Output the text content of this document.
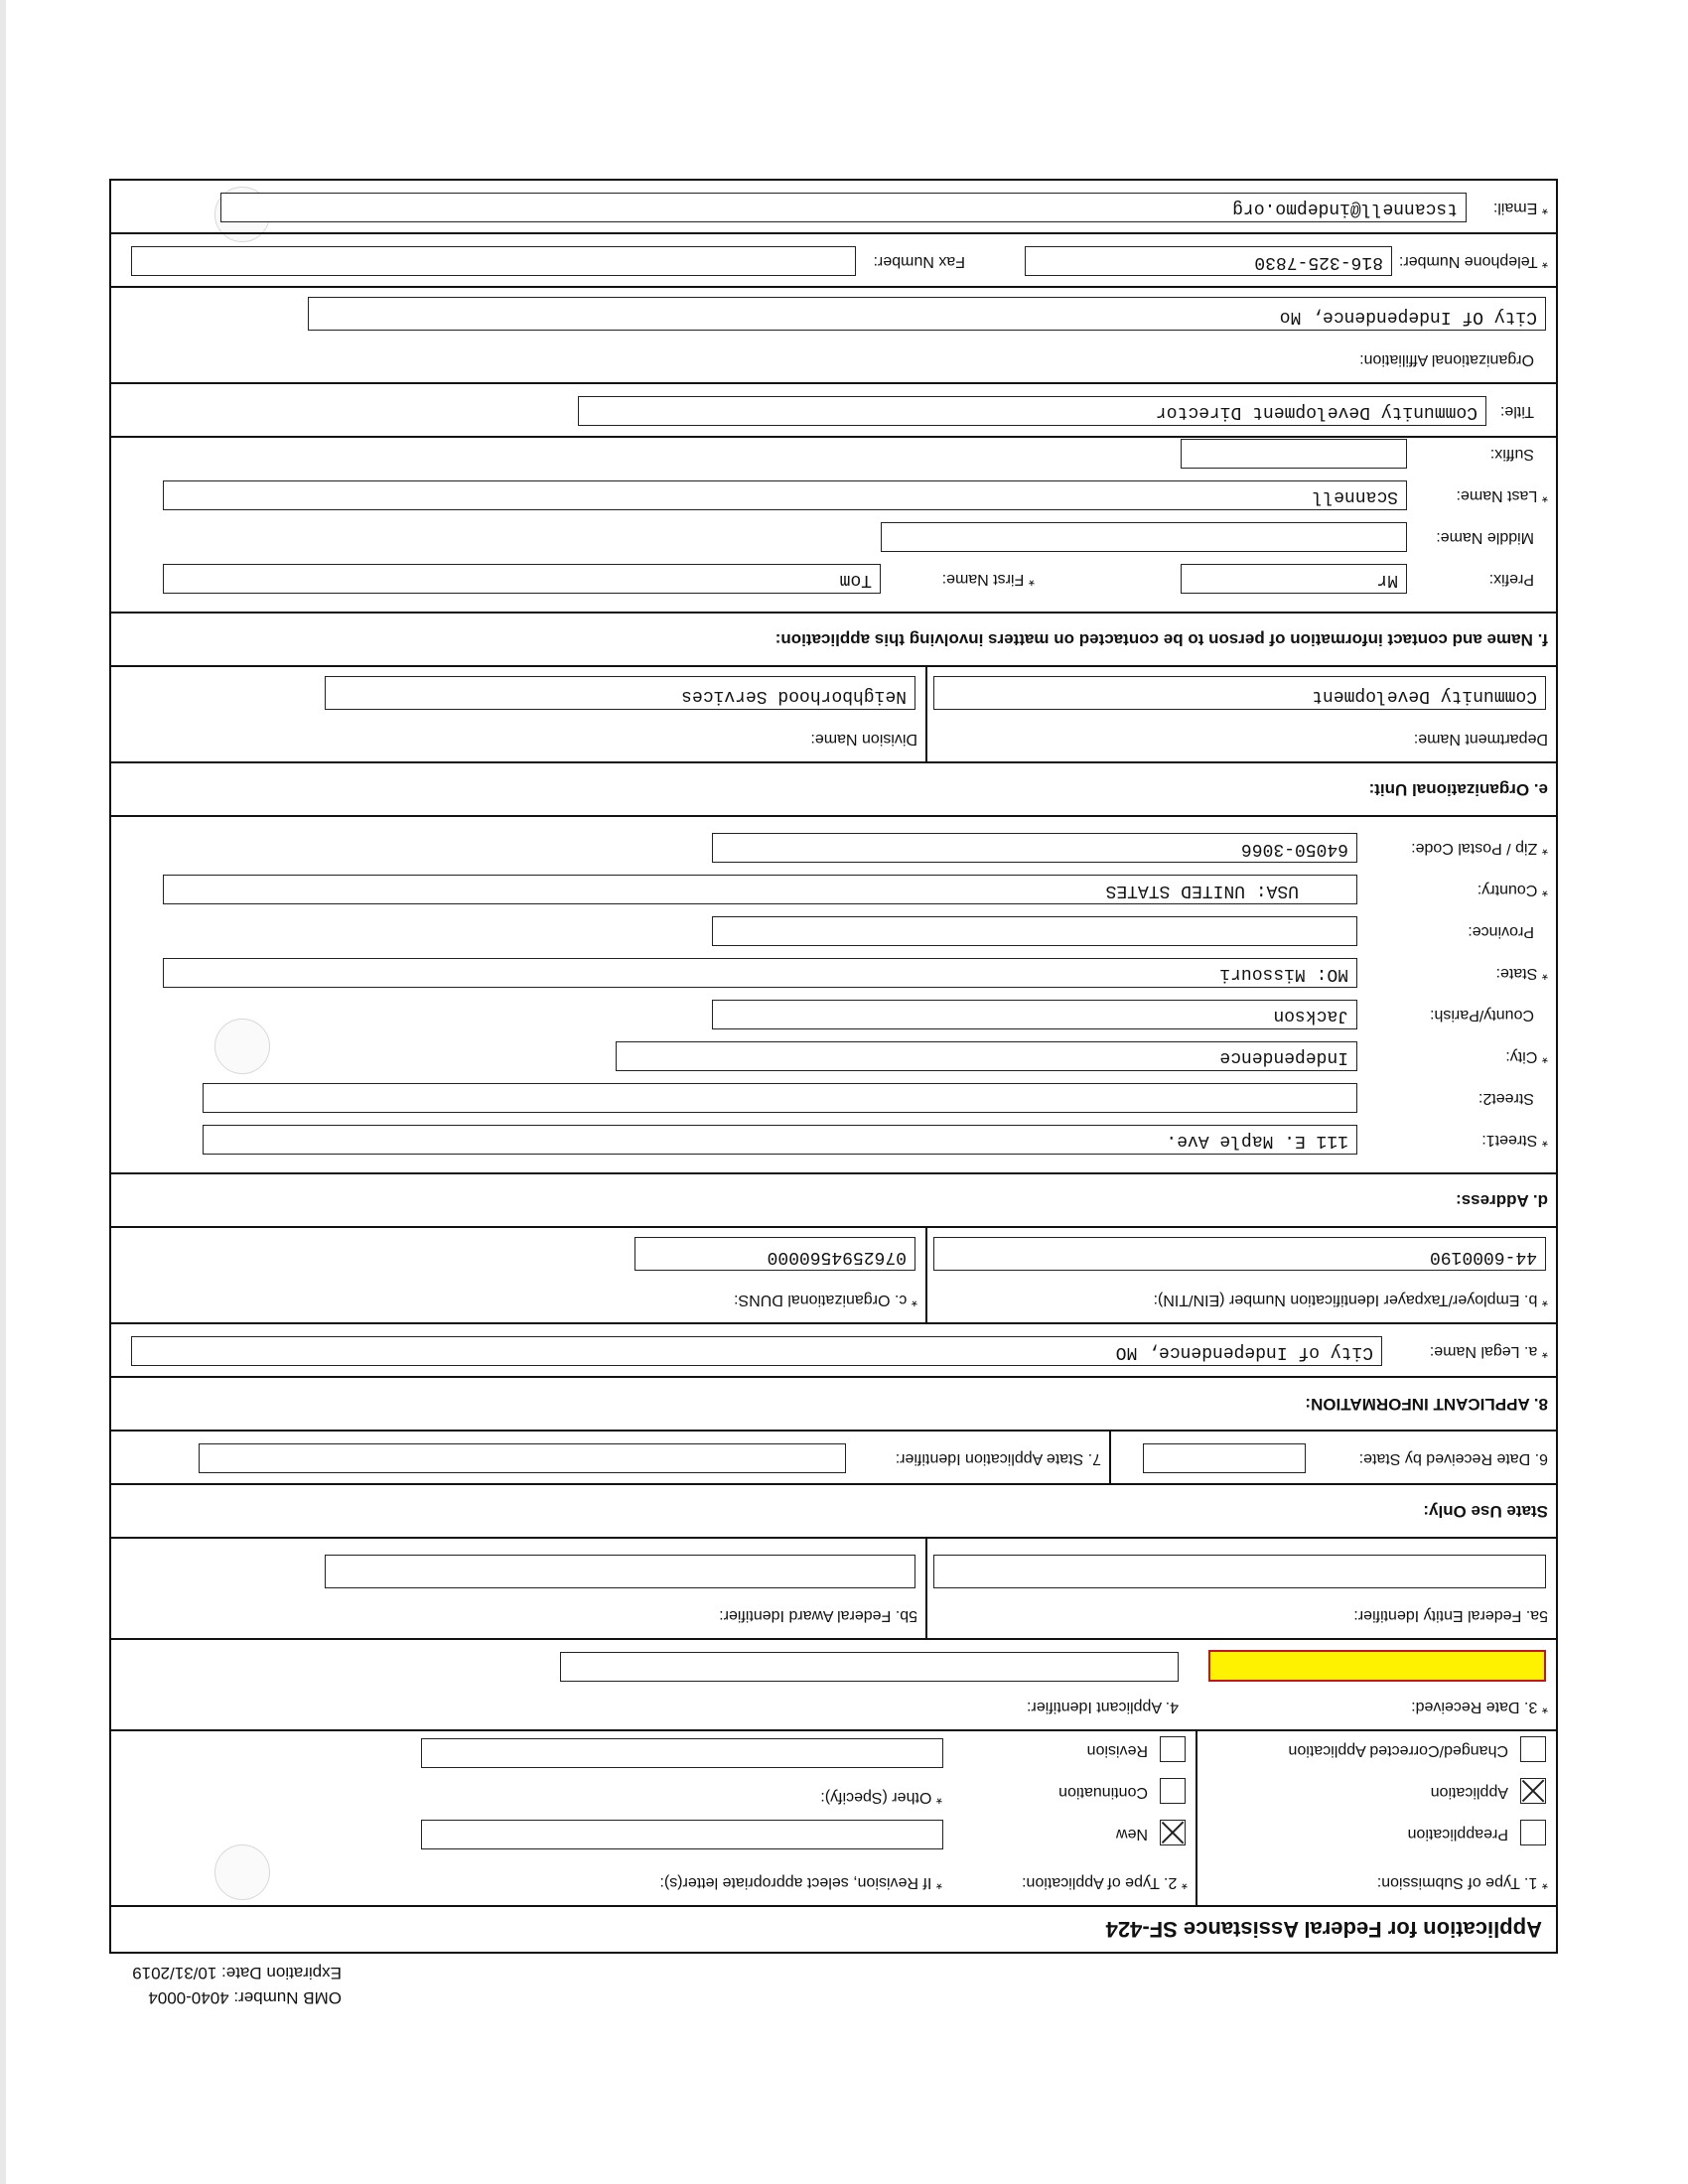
OMB Number: 4040-0004
Expiration Date: 10/31/2019
Application for Federal Assistance SF-424
* 1. Type of Submission:
Preapplication
Application
Changed/Corrected Application
* 2. Type of Application:
* If Revision, select appropriate letter(s):
New
Continuation
* Other (Specify):
Revision
* 3. Date Received:
4. Applicant Identifier:
5a. Federal Entity Identifier:
5b. Federal Award Identifier:
State Use Only:
6. Date Received by State:
7. State Application Identifier:
8. APPLICANT INFORMATION:
* a. Legal Name:
City of Independence, MO
* b. Employer/Taxpayer Identification Number (EIN/TIN):
44-6000190
* c. Organizational DUNS:
0762594560000
d. Address:
* Street1:
111 E. Maple Ave.
Street2:
* City:
Independence
County/Parish:
Jackson
* State:
MO: Missouri
Province:
* Country:
USA: UNITED STATES
* Zip / Postal Code:
64050-3066
e. Organizational Unit:
Department Name:
Community Development
Division Name:
Neighborhood Services
f. Name and contact information of person to be contacted on matters involving this application:
Prefix:
Mr
* First Name:
Tom
Middle Name:
* Last Name:
Scannell
Suffix:
Title:
Community Development Director
Organizational Affiliation:
City Of Independence, Mo
* Telephone Number:
816-325-7830
Fax Number:
* Email:
tscannell@indepmo.org
